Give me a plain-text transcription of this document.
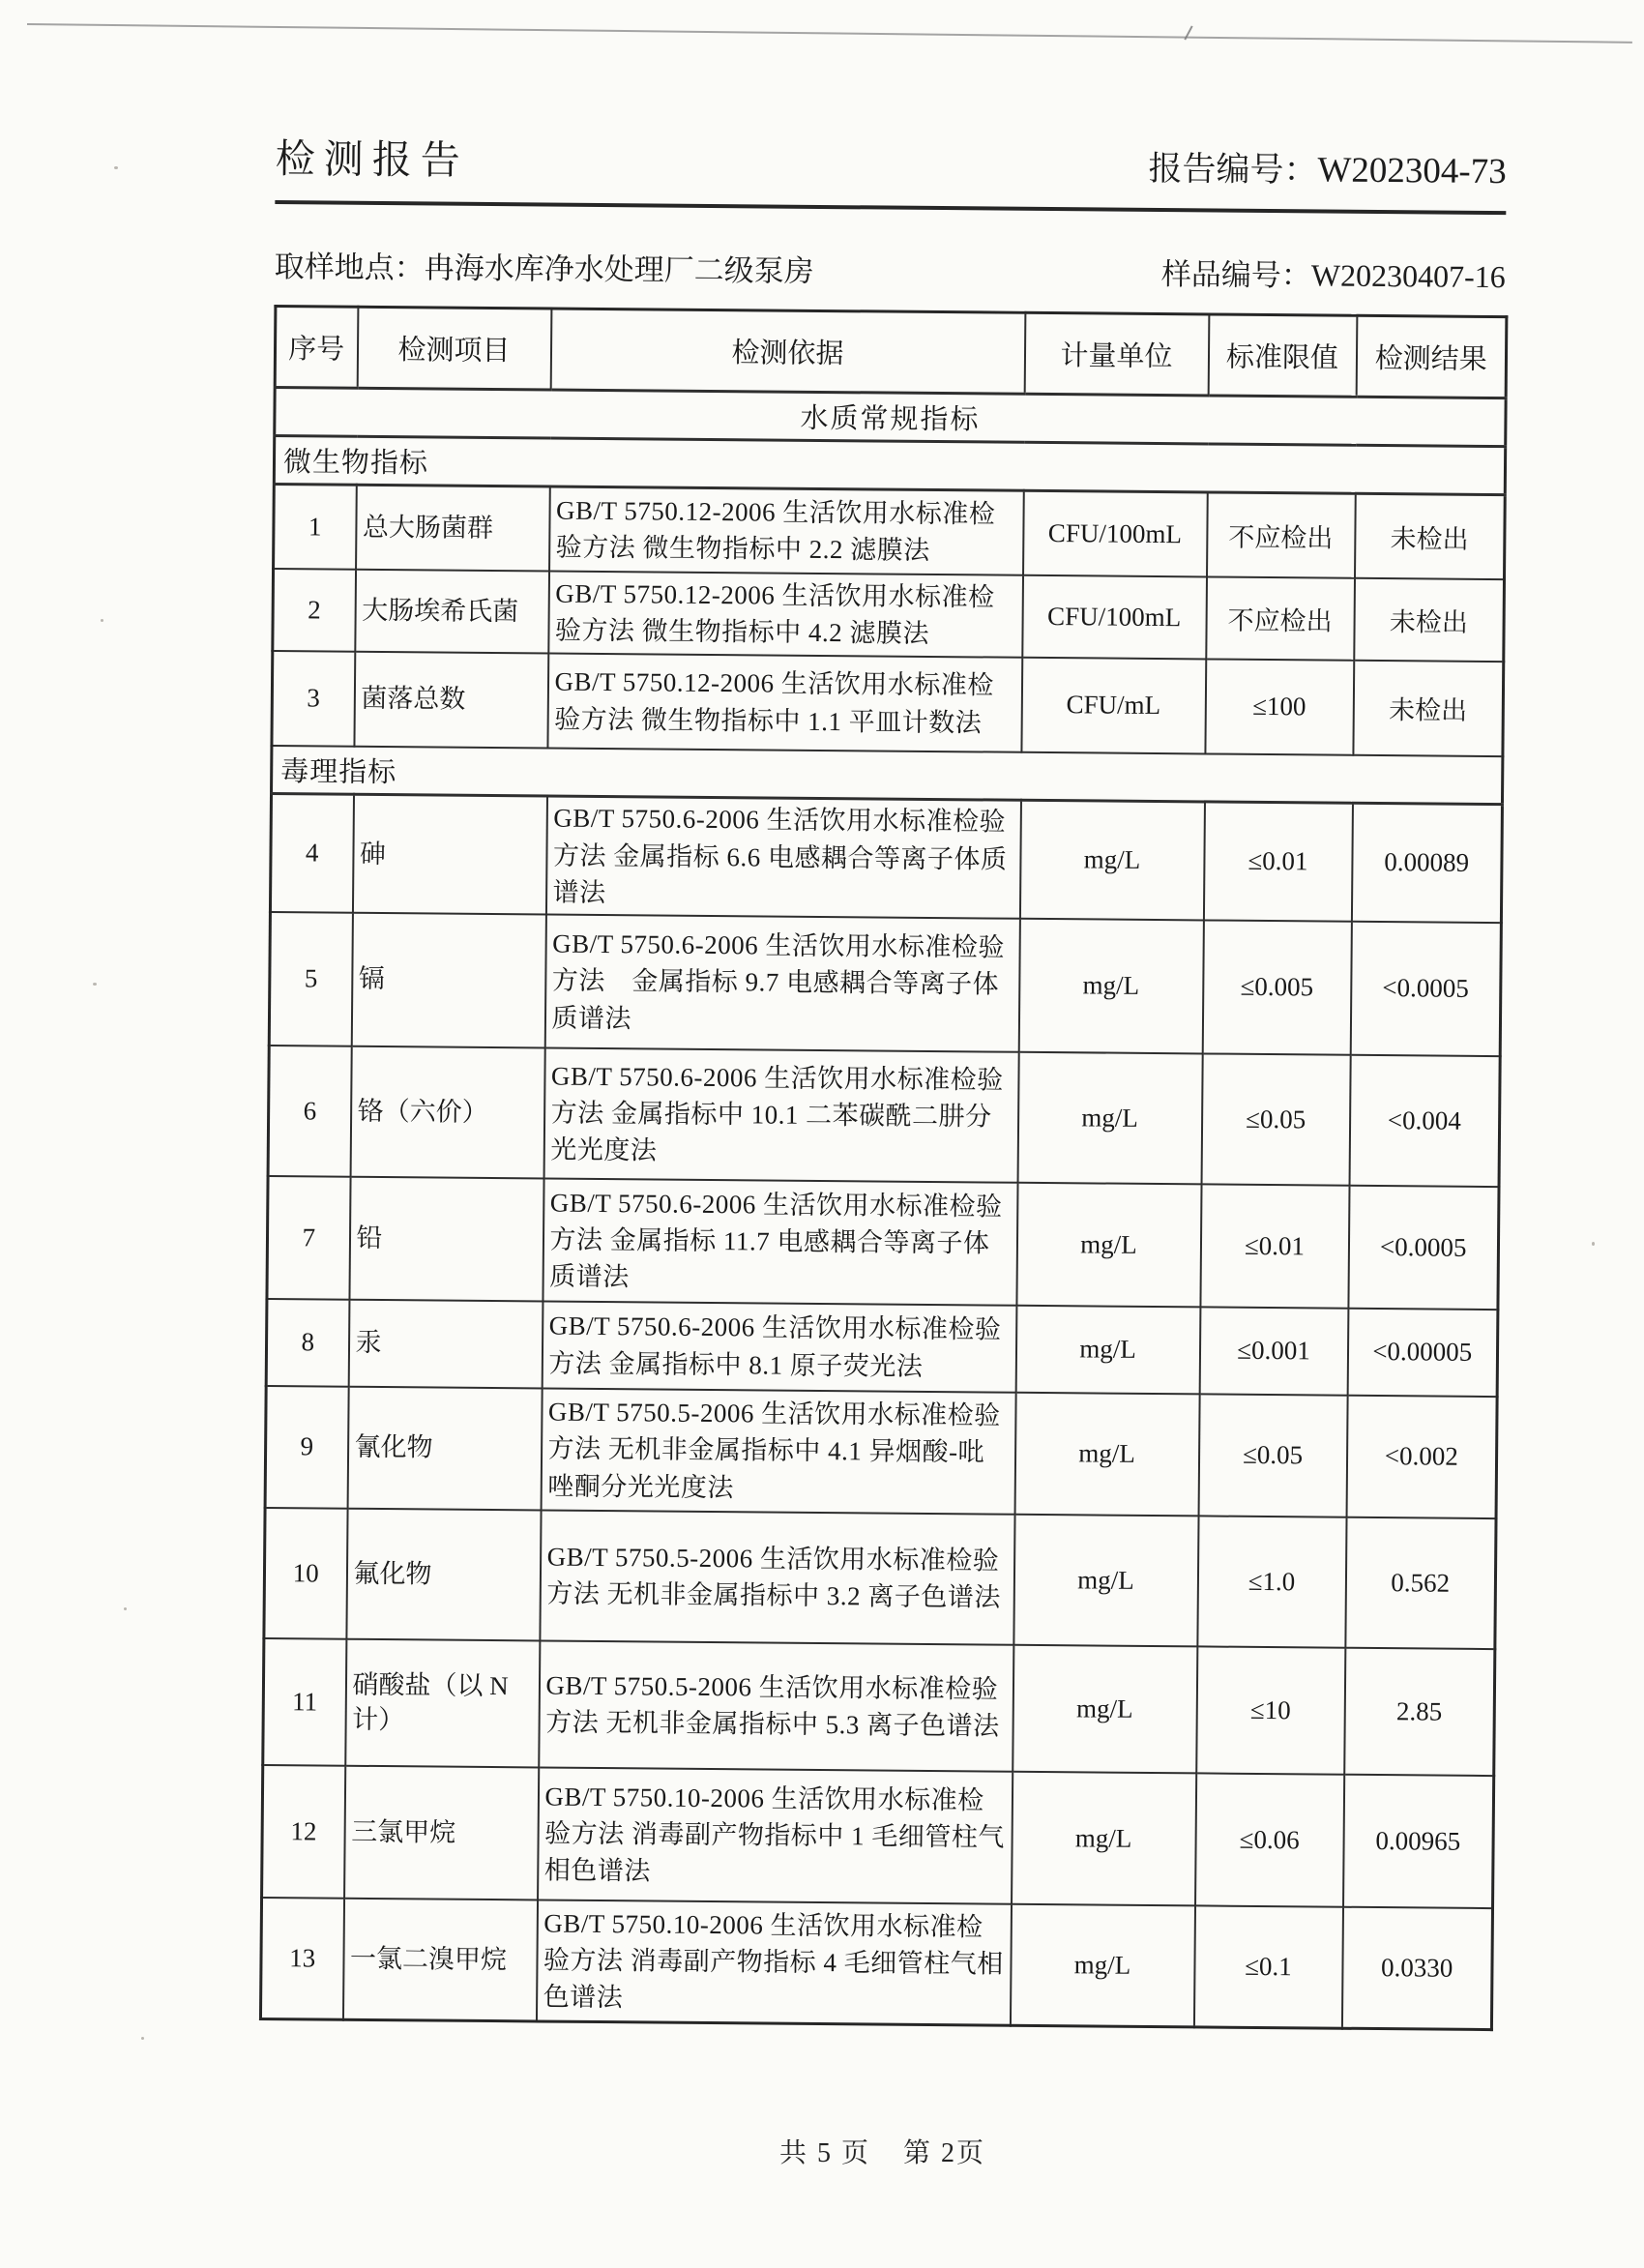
检测报告	报告编号：W202304-73
取样地点：冉海水库净水处理厂二级泵房	样品编号：W20230407-16
序号	检测项目	检测依据	计量单位	标准限值	检测结果
水质常规指标					
微生物指标					
1	总大肠菌群	GB/T 5750.12-2006 生活饮用水标准检验方法 微生物指标中 2.2 滤膜法	CFU/100mL	不应检出	未检出
2	大肠埃希氏菌	GB/T 5750.12-2006 生活饮用水标准检验方法 微生物指标中 4.2 滤膜法	CFU/100mL	不应检出	未检出
3	菌落总数	GB/T 5750.12-2006 生活饮用水标准检验方法 微生物指标中 1.1 平皿计数法	CFU/mL	≤100	未检出
毒理指标					
4	砷	GB/T 5750.6-2006 生活饮用水标准检验方法 金属指标 6.6 电感耦合等离子体质谱法	mg/L	≤0.01	0.00089
5	镉	GB/T 5750.6-2006 生活饮用水标准检验方法　金属指标 9.7 电感耦合等离子体质谱法	mg/L	≤0.005	<0.0005
6	铬（六价）	GB/T 5750.6-2006 生活饮用水标准检验方法 金属指标中 10.1 二苯碳酰二肼分光光度法	mg/L	≤0.05	<0.004
7	铅	GB/T 5750.6-2006 生活饮用水标准检验方法 金属指标 11.7 电感耦合等离子体质谱法	mg/L	≤0.01	<0.0005
8	汞	GB/T 5750.6-2006 生活饮用水标准检验方法 金属指标中 8.1 原子荧光法	mg/L	≤0.001	<0.00005
9	氰化物	GB/T 5750.5-2006 生活饮用水标准检验方法 无机非金属指标中 4.1 异烟酸-吡唑酮分光光度法	mg/L	≤0.05	<0.002
10	氟化物	GB/T 5750.5-2006 生活饮用水标准检验方法 无机非金属指标中 3.2 离子色谱法	mg/L	≤1.0	0.562
11	硝酸盐（以 N 计）	GB/T 5750.5-2006 生活饮用水标准检验方法 无机非金属指标中 5.3 离子色谱法	mg/L	≤10	2.85
12	三氯甲烷	GB/T 5750.10-2006 生活饮用水标准检验方法 消毒副产物指标中 1 毛细管柱气相色谱法	mg/L	≤0.06	0.00965
13	一氯二溴甲烷	GB/T 5750.10-2006 生活饮用水标准检验方法 消毒副产物指标 4 毛细管柱气相色谱法	mg/L	≤0.1	0.0330
共 5 页 第 2页
